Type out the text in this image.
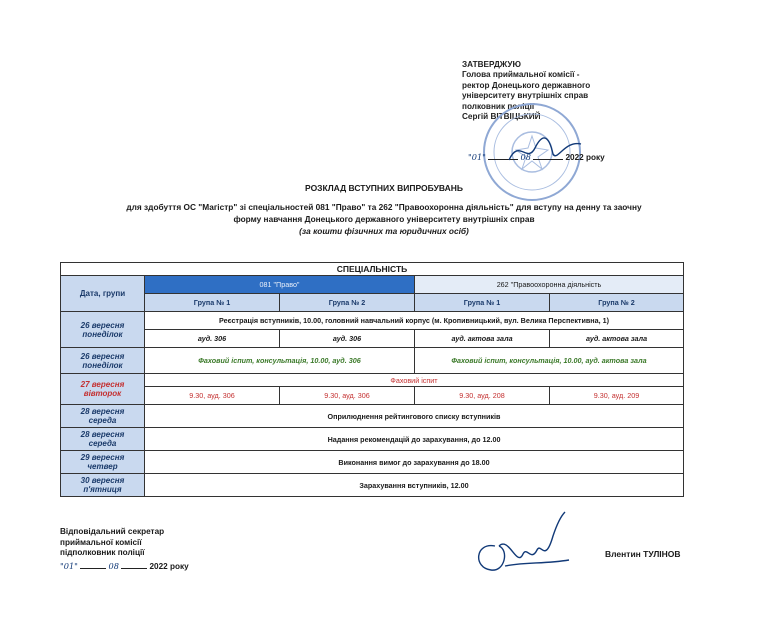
ЗАТВЕРДЖУЮ
Голова приймальної комісії -
ректор Донецького державного
університету внутрішніх справ
полковник поліції
Сергій ВІТВІЦЬКИЙ
"01"	08	2022 року
РОЗКЛАД ВСТУПНИХ ВИПРОБУВАНЬ
для здобуття ОС "Магістр" зі спеціальностей 081 "Право" та 262 "Правоохоронна діяльність" для вступу на денну та заочну
форму навчання Донецького державного університету внутрішніх справ
(за кошти фізичних та юридичних осіб)
СПЕЦІАЛЬНІСТЬ				
Дата, групи	081 "Право"		262 "Правоохоронна діяльність	
	Група № 1	Група № 2	Група № 1	Група № 2

26 вересня
понеділок	Реєстрація вступників, 10.00, головний навчальний корпус (м. Кропивницький, вул. Велика Перспективна, 1)			
	ауд. 306	ауд. 306	ауд. актова зала	ауд. актова зала

26 вересня
понеділок	Фаховий іспит, консультація, 10.00, ауд. 306		Фаховий іспит, консультація, 10.00, ауд. актова зала	

27 вересня
вівторок	Фаховий іспит			
	9.30, ауд. 306	9.30, ауд. 306	9.30, ауд. 208	9.30, ауд. 209

28 вересня
середа	Оприлюднення рейтингового списку вступників			

28 вересня
середа	Надання рекомендацій до зарахування, до 12.00			

29 вересня
четвер	Виконання вимог до зарахування до 18.00			

30 вересня
п'ятниця	Зарахування вступників, 12.00			
Відповідальний секретар
приймальної комісії
підполковник поліції
"01"	08	2022 року
Влентин ТУЛІНОВ
